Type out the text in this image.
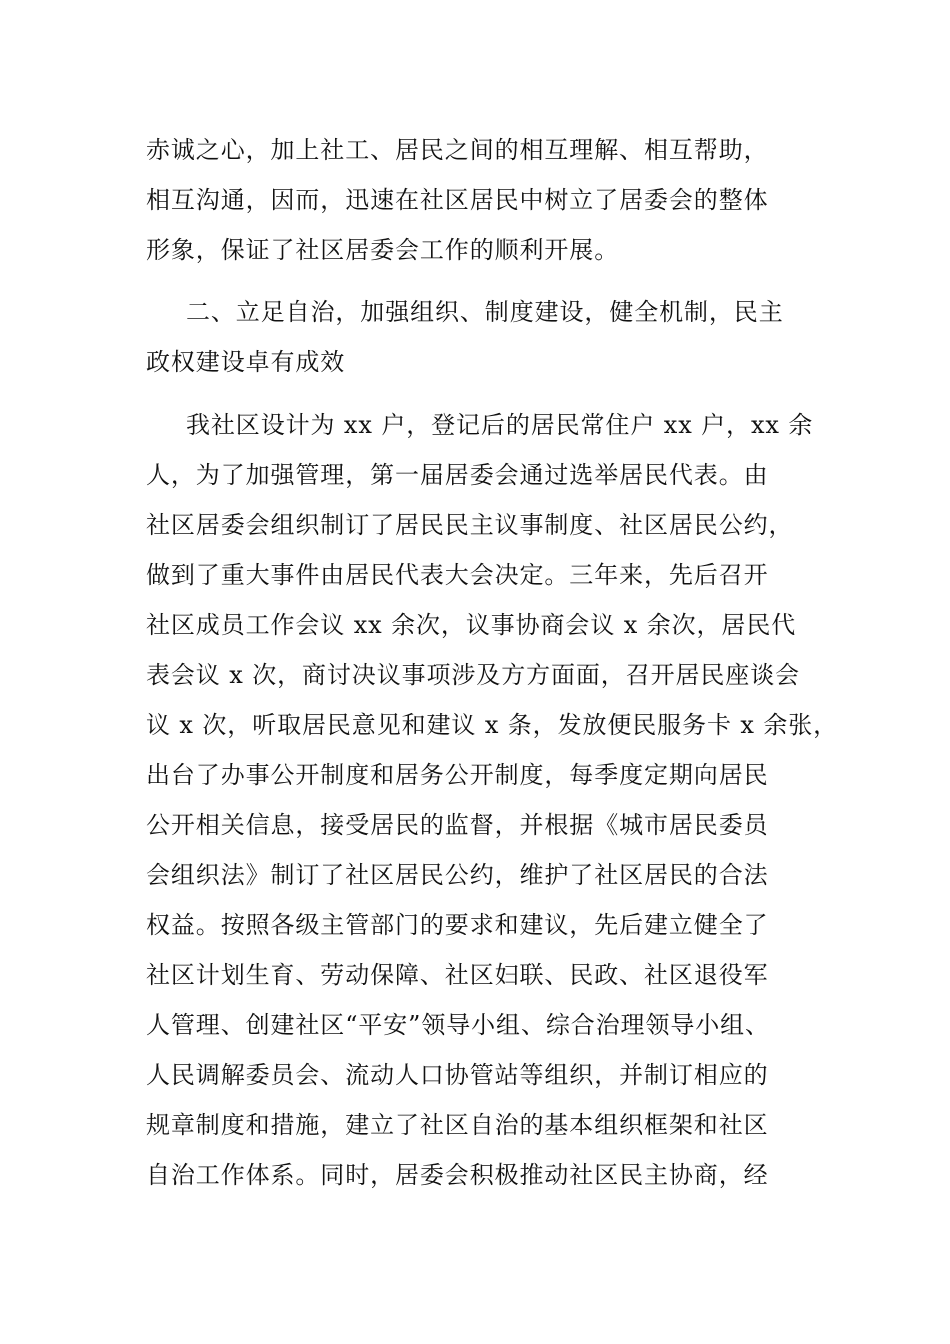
赤诚之心，加上社工、居民之间的相互理解、相互帮助，
相互沟通，因而，迅速在社区居民中树立了居委会的整体
形象，保证了社区居委会工作的顺利开展。
二、立足自治，加强组织、制度建设，健全机制，民主
政权建设卓有成效
我社区设计为 xx 户，登记后的居民常住户 xx 户，xx 余
人，为了加强管理，第一届居委会通过选举居民代表。由
社区居委会组织制订了居民民主议事制度、社区居民公约，
做到了重大事件由居民代表大会决定。三年来，先后召开
社区成员工作会议 xx 余次，议事协商会议 x 余次，居民代
表会议 x 次，商讨决议事项涉及方方面面，召开居民座谈会
议 x 次，听取居民意见和建议 x 条，发放便民服务卡 x 余张，
出台了办事公开制度和居务公开制度，每季度定期向居民
公开相关信息，接受居民的监督，并根据《城市居民委员
会组织法》制订了社区居民公约，维护了社区居民的合法
权益。按照各级主管部门的要求和建议，先后建立健全了
社区计划生育、劳动保障、社区妇联、民政、社区退役军
人管理、创建社区“平安”领导小组、综合治理领导小组、
人民调解委员会、流动人口协管站等组织，并制订相应的
规章制度和措施，建立了社区自治的基本组织框架和社区
自治工作体系。同时，居委会积极推动社区民主协商，经
